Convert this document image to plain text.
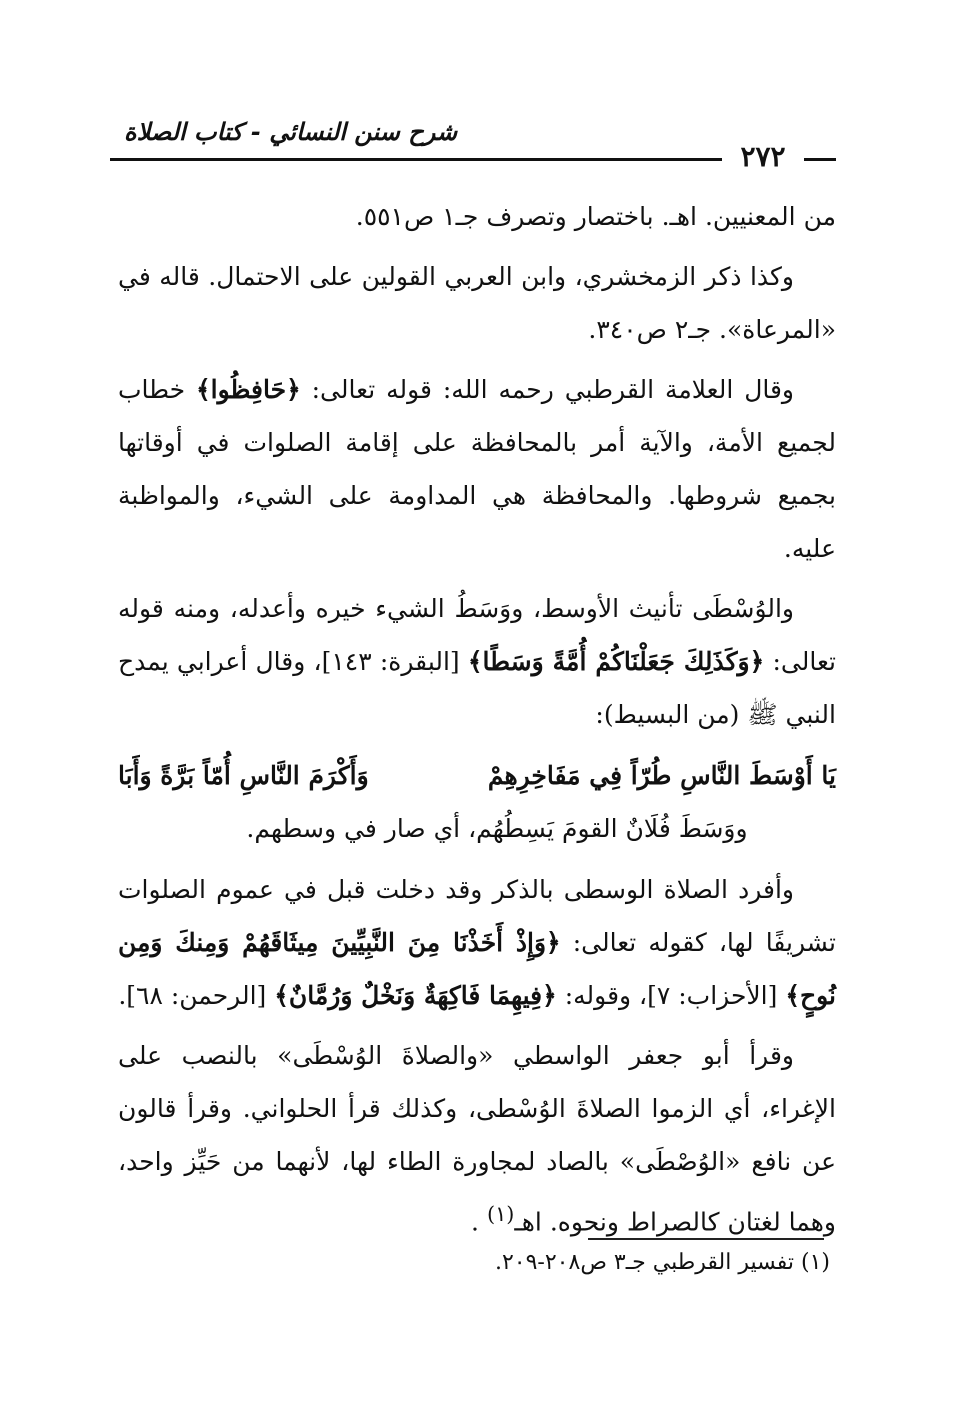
شرح سنن النسائي - كتاب الصلاة
٢٧٢

من المعنيين. اهـ. باختصار وتصرف جـ١ ص٥٥١.

وكذا ذكر الزمخشري، وابن العربي القولين على الاحتمال. قاله في «المرعاة». جـ٢ ص٣٤٠.

وقال العلامة القرطبي رحمه الله: قوله تعالى: ﴿حَافِظُوا﴾ خطاب لجميع الأمة، والآية أمر بالمحافظة على إقامة الصلوات في أوقاتها بجميع شروطها. والمحافظة هي المداومة على الشيء، والمواظبة عليه.

والوُسْطَى تأنيث الأوسط، ووَسَطُ الشيء خيره وأعدله، ومنه قوله تعالى: ﴿وَكَذَلِكَ جَعَلْنَاكُمْ أُمَّةً وَسَطًا﴾ [البقرة: ١٤٣]، وقال أعرابي يمدح النبي ﷺ (من البسيط):

يَا أَوْسَطَ النَّاسِ طُرّاً فِي مَفَاخِرِهِمْ
وَأَكْرَمَ النَّاسِ أُمّاً بَرَّةً وَأَبَا
ووَسَطَ فُلَانٌ القومَ يَسِطُهُم، أي صار في وسطهم.

وأفرد الصلاة الوسطى بالذكر وقد دخلت قبل في عموم الصلوات تشريفًا لها، كقوله تعالى: ﴿وَإِذْ أَخَذْنَا مِنَ النَّبِيِّينَ مِيثَاقَهُمْ وَمِنكَ وَمِن نُوحٍ﴾ [الأحزاب: ٧]، وقوله: ﴿فِيهِمَا فَاكِهَةٌ وَنَخْلٌ وَرُمَّانٌ﴾ [الرحمن: ٦٨].

وقرأ أبو جعفر الواسطي «والصلاةَ الوُسْطَى» بالنصب على الإغراء، أي الزموا الصلاةَ الوُسْطى، وكذلك قرأ الحلواني. وقرأ قالون عن نافع «الوُصْطَى» بالصاد لمجاورة الطاء لها، لأنهما من حَيِّز واحد، وهما لغتان كالصراط ونحوه. اهـ$^{(١)}$ .

(١) تفسير القرطبي جـ٣ ص٢٠٨-٢٠٩.
